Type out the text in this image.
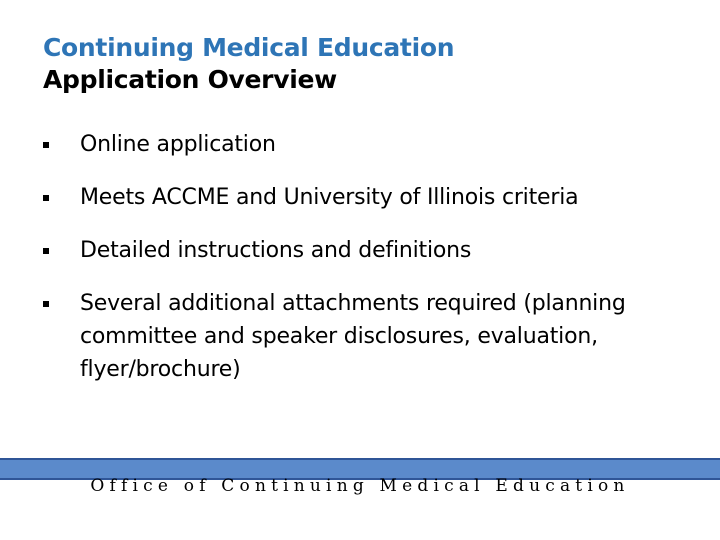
Continuing Medical Education
Application Overview
Online application
Meets ACCME and University of Illinois criteria
Detailed instructions and definitions
Several additional attachments required (planning committee and speaker disclosures, evaluation, flyer/brochure)
Office of Continuing Medical Education
